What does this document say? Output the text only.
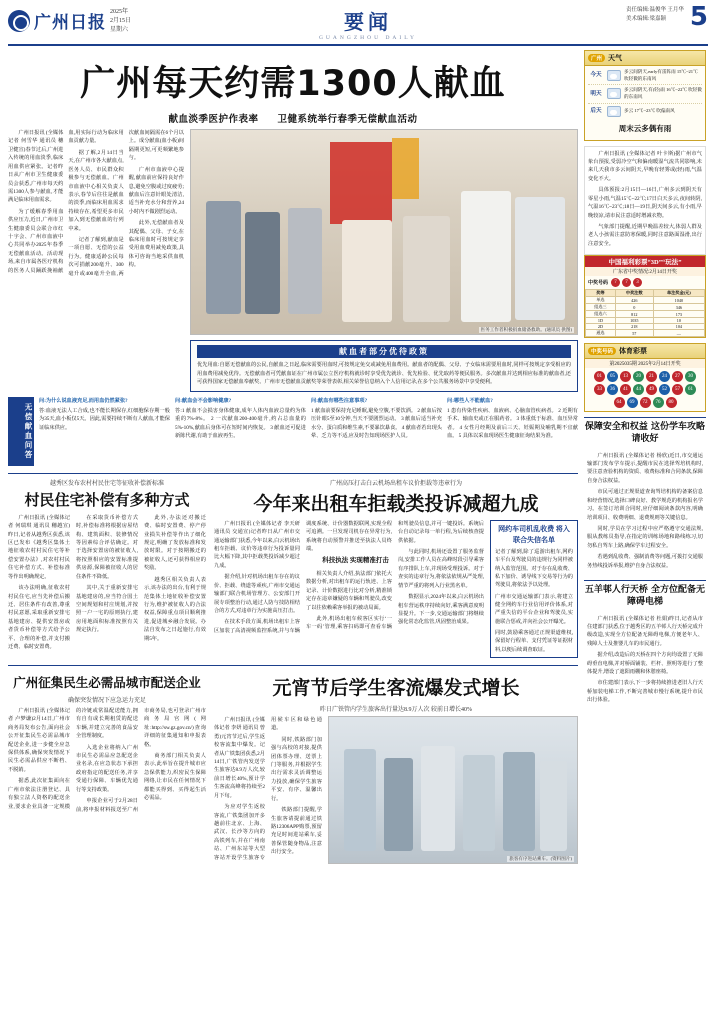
广州日报
2025年
2月15日
星期六	要闻
GUANGZHOU DAILY
责任编辑:温俊华 王月华
美术编辑:梁嘉颖 5
广州每天约需1300人献血
献血淡季医护作表率 卫健系统举行春季无偿献血活动

广州日报讯 (全媒体记者 何雪华 通讯员 穗卫健宣)春节过后,广州进入传统的用血淡季,临床用血供应紧张。记者昨日从广州市卫生健康委员会获悉,广州市每天约需1300人参与献血,才能满足临床用血需求。

为了缓解春季用血供应压力,近日,广州市卫生健康委员会联合市红十字会、广州市血液中心共同举办2025年春季无偿献血活动。活动现场,来自市属各医疗机构的医务人员踊跃挽袖献血,用实际行动为临床用血贡献力量。

据了解,2月14日当天,在广州市各大献血点,医务人员、市民群众积极参与无偿献血。广州市血液中心相关负责人表示,春节后往往是献血的淡季,而临床用血需求持续存在,希望更多市民加入到无偿献血的行列中来。

记者了解到,献血是一项自愿、无偿的公益行为。健康适龄公民每次可捐献200毫升、300毫升或400毫升全血,两次献血间隔需在6个月以上。成分献血(血小板)间隔期更短,可更频繁地参与。

广州市血液中心提醒,献血前应保持良好作息,避免空腹或过度疲劳;献血后注意针眼处清洁,适当补充水分和营养,24小时内不做剧烈运动。

此外,无偿献血者及其配偶、父母、子女,在临床用血时可按规定享受用血费用减免政策,具体可咨询当地采供血机构。

医务工作者积极捐血储备救助。(通讯员 供图)
献血者部分优待政策
优先用血:自愿无偿献血的公民,自献血之日起,临床需要用血时,可按规定免交或减免用血费用。献血者的配偶、父母、子女临床需要用血时,同样可按规定享受相应的用血费用减免优待。无偿献血者可凭献血证在广州市属公立医疗机构就诊时享受优先就诊、优先检验、优先取药等便民服务。多次献血并达到相应标准的献血者,还可获得国家无偿献血奉献奖、广州市无偿献血贡献奖等荣誉表彰,相关荣誉信息纳入个人信用记录,在多个公共服务场景中享受便利。
无偿献血问答
问:为什么说血液充足,而用血仍然紧张?
答:血液无法人工合成,也不能长期保存,红细胞保存期一般为35天,血小板仅5天。因此,需要持续不断有人献血,才能保证临床供应。
问:献血会不会影响健康?
答:1 献血不会损害身体健康,成年人体内血液总量约为体重的7%-8%。 2 一次献血200-400毫升,约占总血量的5%-10%,献血后身体可在短时间内恢复。 3 献血还可促进新陈代谢,有助于血液再生。
问:献血有哪些注意事项?
1 献血前要保持充足睡眠,避免空腹,不要饮酒。 2 献血后按压针眼5至10分钟,当天不要剧烈运动。 3 献血后适当补充水分、蛋白质和维生素,不要暴饮暴食。 4 献血者若出现头晕、乏力等不适,应及时告知现场医护人员。
问:哪些人不能献血?
1 患有传染性疾病、血液病、心脑血管疾病者。 2 近期有手术、输血史或正在服药者。 3 体重低于标准、血压异常者。 4 女性月经期及前后三天、妊娠期及哺乳期不宜献血。 5 具体以采血现场医生健康征询结果为准。
越秀区发布农村村民住宅等征收补偿新标准
村民住宅补偿有多种方式

广州日报讯 (全媒体记者 何瑞琪 通讯员 穗越宣)昨日,记者从越秀区获悉,该区已发布《越秀区集体土地征收农村村民住宅等补偿安置办法》,对农村村民住宅补偿方式、补偿标准等作出明确规定。

该办法明确,征收农村村民住宅,应当先补偿后搬迁、居住条件有改善,尊重村民意愿,采取重新安排宅基地建房、提供安置房或者货币补偿等方式给予公平、合理的补偿,并支付搬迁费、临时安置费。

在采取货币补偿方式时,补偿标准将根据房屋结构、建筑面积、装修情况等因素综合评估确定。对于选择安置房的被征收人,将按照相应的安置标准提供房源,保障被征收人的居住条件不降低。

其中,关于重新安排宅基地建房的,应当符合国土空间规划和村庄规划,并按照一户一宅的原则执行,建房用地面积标准按照有关规定执行。

此外,办法还对搬迁费、临时安置费、停产停业损失补偿等作出了细化规定,明确了发放标准和发放时限。对于按期搬迁的被征收人,还可获得相应的奖励。

越秀区相关负责人表示,该办法的出台,有利于规范集体土地征收补偿安置行为,维护被征收人的合法权益,保障重点项目顺利推进,促进城乡融合发展。办法自发布之日起施行,有效期5年。

广州高压打击白云机场出租车议价拒载等违章行为
今年来出租车拒载类投诉减超九成

广州日报讯 (全媒体记者 李天研 通讯员 交通宣)记者昨日从广州市交通运输部门获悉,今年以来,白云机场出租车拒载、议价等违章行为投诉量同比大幅下降,其中拒载类投诉减少超过九成。

据介绍,针对机场出租车存在的议价、拒载、绕道等顽疾,广州市交通运输部门联合机场管理方、公安部门开展专项整治行动,通过人防与技防相结合的方式,对违章行为实施高压打击。

在技术手段方面,机场出租车上客区加装了高清视频监控系统,并与车辆调度系统、计价器数据联网,实现全程可追溯。一旦发现司机存在异常行为,系统将自动预警并推送至执法人员终端。

科技执法 实现精准打击

相关负责人介绍,执法部门依托大数据分析,对出租车的运行轨迹、上客记录、计价数据进行比对分析,精准锁定存在违章嫌疑的车辆和驾驶员,改变了以往依赖乘客举报的被动局面。

此外,机场出租车候客区实行‘一车一码’管理,乘客扫码即可查看车辆和驾驶员信息,并可一键投诉。系统后台自动记录每一单行程,为后续核查提供依据。

与此同时,机场还设置了服务监督岗,安排工作人员在高峰时段引导乘客有序排队上车,并现场受理投诉。对于查实的违章行为,将依法依规从严处理,情节严重的将列入行业黑名单。

数据显示,2024年以来,白云机场出租车营运秩序持续向好,乘客满意度明显提升。下一步,交通运输部门将继续强化常态化监管,巩固整治成果。

网约车司机乱收费 将入联合失信名单
记者了解到,除了巡游出租车,网约车平台及驾驶员的违规行为同样被纳入监管范围。对于存在乱收费、私下加价、诱导线下交易等行为的驾驶员,将依法予以处理。
广州市交通运输部门表示,将建立健全网约车行业信用评价体系,对严重失信的平台企业和驾驶员,实施联合惩戒,并向社会公开曝光。
同时,鼓励乘客通过正规渠道维权,保留好行程单、支付凭证等证据材料,以便后续调查取证。
广州征集民生必需品城市配送企业
确保突发情况下应急运力充足

广州日报讯 (全媒体记者 卢梦谦)2月14日,广州市商务局发布公告,面向社会公开征集民生必需品城市配送企业,进一步健全应急保供体系,确保突发情况下民生必需品供应不断档、不脱销。

据悉,此次征集面向在广州市依法注册登记、具有独立法人资格的配送企业,要求企业具备一定规模的冷链或常温配送能力,拥有自有或长期租赁的配送车辆,并建立完善的食品安全管理制度。

入选企业将纳入广州市民生必需品应急配送企业名录,在应急状态下承担政府指定的配送任务,并享受通行保障、车辆优先通行等支持政策。

申报企业可于2月28日前,将申报材料报送至广州市商务局,也可登录广州市商务局官网(网址:http://sw.gz.gov.cn/)查询详细的征集通知和申报表格。

商务部门相关负责人表示,此举旨在提升城市应急保供能力,织密民生保障网络,让市民在任何情况下都能买得到、买得起生活必需品。

元宵节后学生客流爆发式增长
昨日广铁管内学生旅客出行量达8.9万人次 较前日增长40%

广州日报讯 (全媒体记者 李妍 通讯员 曾勇)元宵节过后,学生返校客流集中爆发。记者从广铁集团获悉,2月14日,广铁管内发送学生旅客达8.9万人次,较前日增长40%,预计学生客流高峰将持续至2月下旬。

为应对学生返校客流,广铁集团加开多趟前往北京、上海、武汉、长沙等方向的高铁列车,并在广州南站、广州东站等大型客站开设学生旅客专用候车区和绿色通道。

同时,铁路部门加强与高校的对接,提供团体票办理、送票上门等服务,并根据学生出行需求灵活调整运力投放,确保学生旅客平安、有序、温馨出行。

铁路部门提醒,学生旅客请提前通过铁路12306APP购票,预留充足时间进站乘车,妥善保管随身物品,注意出行安全。

旅客有序进站乘车。(资料图片)
广州 天气
今天
多云间阴天,early有雷阵雨 15℃~21℃ 吹轻微的东南风
明天
多云间阴天,有(轻)雨 16℃~22℃ 吹轻微的东南风
后天	多云 17℃~23℃ 吹偏南风
周末云多偶有雨

广州日报讯 (全媒体记者 叶卡斯)据广州市气象台预报,受弱冷空气和偏南暖湿气流共同影响,未来几天我市多云间阴天,早晚有轻雾或(轻)雨,气温变化不大。

具体预报:2月15日—16日,广州多云到阴天有零星小雨,气温15℃~22℃;17日白天多云,夜间转阴,气温16℃~23℃;18日—19日,阴天间多云,有小雨,早晚较凉,请市民注意适时增减衣物。

气象部门提醒,近期早晚温差较大,体弱人群及老人小孩需注意防寒保暖,同时注意路面湿滑,出行注意安全。

中国福利彩票“3D”“玩法”
广东省中奖情况:2月14日开奖
中奖号码	7	7	3
奖等	中奖注数	单注奖金(元)
单选	426	1040
组选三	0	346
组选六	812	173
1D	1035	10
2D	218	104
通选	57	—
中奖号码 体育彩票
第2025035期 2025年2月14日开奖
01	05	13	20	21	24	27	30
33	36	41	44	49	52	57	61
64	69	72	76	80
保障安全和权益 这份学车攻略请收好

广州日报讯 (全媒体记者 杨欣)近日,市交通运输部门发布学车提示,提醒市民在选择驾培机构时,要注意查验机构的资质、收费标准和合同条款,保障自身合法权益。

市民可通过正规渠道查询驾培机构的备案信息和经营情况,选择口碑良好、教学规范的机构报名学习。在签订培训合同时,应仔细阅读条款内容,明确培训项目、收费明细、退费规则等关键信息。

同时,学员在学习过程中应严格遵守交通法规,服从教练员指导,在指定的训练场地和路线练习,切勿私自驾车上路,确保学车过程安全。

若遇到乱收费、强制消费等问题,可拨打交通服务热线投诉举报,维护自身合法权益。

五羊邨人行天桥 全方位配备无障碍电梯

广州日报讯 (全媒体记者 杜娟)昨日,记者从市住建部门获悉,位于越秀区的五羊邨人行天桥完成升级改造,实现全方位配备无障碍电梯,方便老年人、残障人士及推婴儿车的市民通行。

据介绍,改造后的天桥在四个方向均设置了无障碍垂直电梯,并对桥面铺装、栏杆、照明等进行了整体提升,增设了遮阳雨棚和休憩座椅。

市住建部门表示,下一步将持续推进老旧人行天桥加装电梯工作,不断完善城市慢行系统,提升市民出行体验。
